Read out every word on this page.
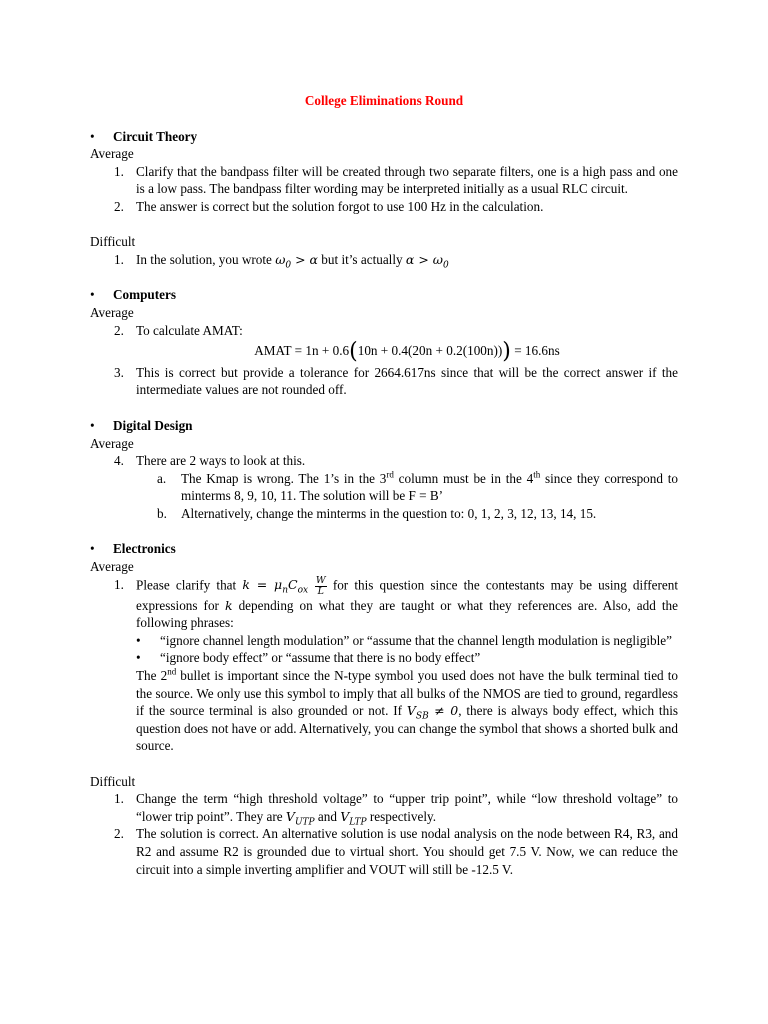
College Eliminations Round
• Circuit Theory
Average
1. Clarify that the bandpass filter will be created through two separate filters, one is a high pass and one is a low pass. The bandpass filter wording may be interpreted initially as a usual RLC circuit.
2. The answer is correct but the solution forgot to use 100 Hz in the calculation.
Difficult
1. In the solution, you wrote $\omega_0 > \alpha$ but it’s actually $\alpha > \omega_0$
• Computers
Average
2. To calculate AMAT:
AMAT = 1n + 0.6(10n + 0.4(20n + 0.2(100n))) = 16.6ns
3. This is correct but provide a tolerance for 2664.617ns since that will be the correct answer if the intermediate values are not rounded off.
• Digital Design
Average
4. There are 2 ways to look at this.
a. The Kmap is wrong. The 1’s in the 3rd column must be in the 4th since they correspond to minterms 8, 9, 10, 11. The solution will be F = B’
b. Alternatively, change the minterms in the question to: 0, 1, 2, 3, 12, 13, 14, 15.
• Electronics
Average
1. Please clarify that $k = \mu_nC_{ox} \frac{W}{L}$ for this question since the contestants may be using different expressions for k depending on what they are taught or what they references are. Also, add the following phrases:
• “ignore channel length modulation” or “assume that the channel length modulation is negligible”
• “ignore body effect” or “assume that there is no body effect”
The 2nd bullet is important since the N-type symbol you used does not have the bulk terminal tied to the source. We only use this symbol to imply that all bulks of the NMOS are tied to ground, regardless if the source terminal is also grounded or not. If $V_{SB} \ne 0$, there is always body effect, which this question does not have or add. Alternatively, you can change the symbol that shows a shorted bulk and source.
Difficult
1. Change the term “high threshold voltage” to “upper trip point”, while “low threshold voltage” to “lower trip point”. They are $V_{UTP}$ and $V_{LTP}$ respectively.
2. The solution is correct. An alternative solution is use nodal analysis on the node between R4, R3, and R2 and assume R2 is grounded due to virtual short. You should get 7.5 V. Now, we can reduce the circuit into a simple inverting amplifier and VOUT will still be -12.5 V.
